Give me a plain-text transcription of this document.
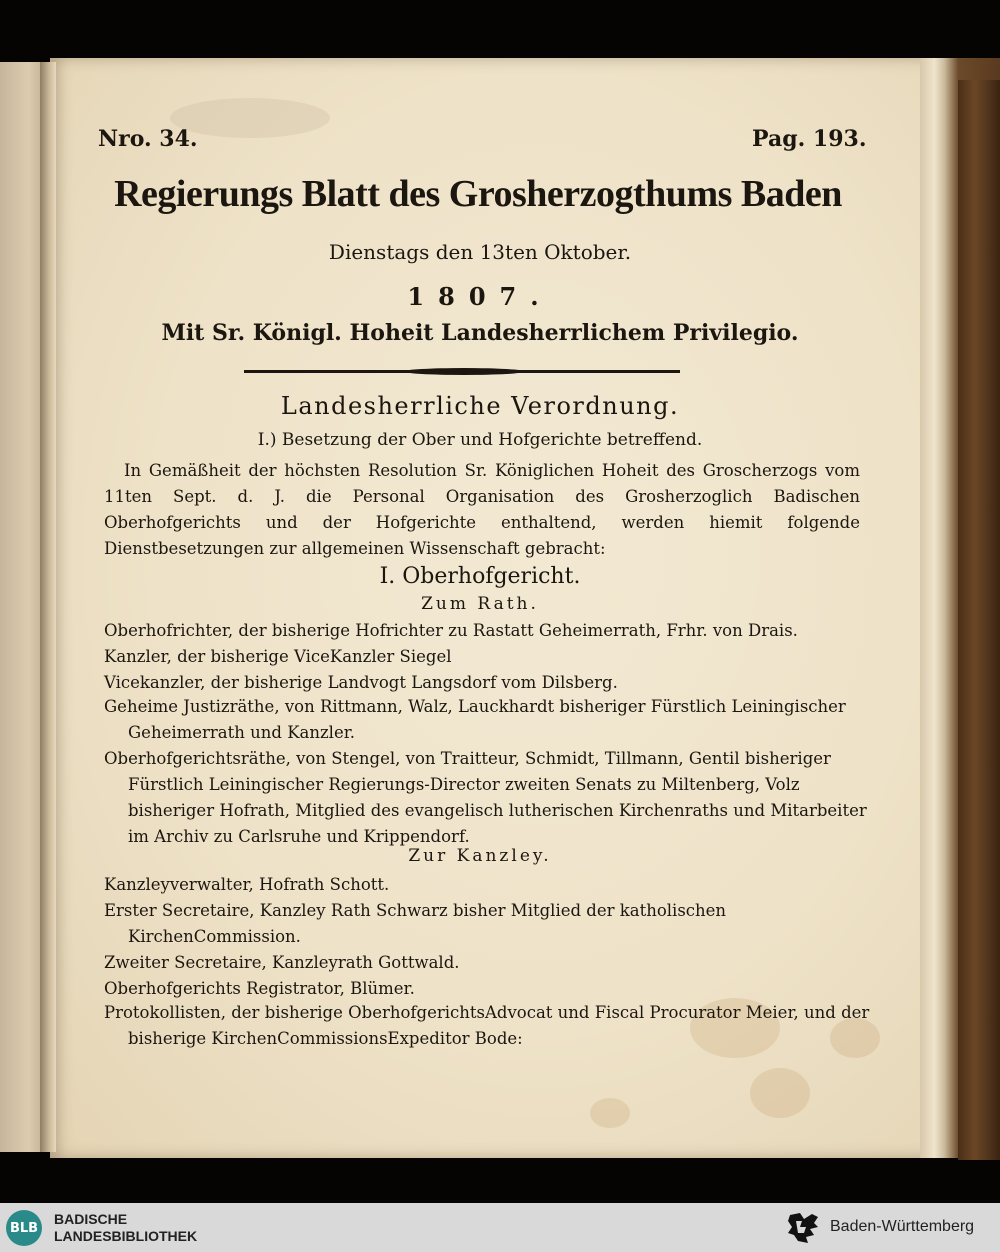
Nro. 34.	Pag. 193.
Regierungs Blatt des Grosherzogthums Baden
Dienstags den 13ten Oktober.
1807.
Mit Sr. Königl. Hoheit Landesherrlichem Privilegio.
Landesherrliche Verordnung.
I.) Besetzung der Ober und Hofgerichte betreffend.
In Gemäßheit der höchsten Resolution Sr. Königlichen Hoheit des Groscherzogs vom 11ten Sept. d. J. die Personal Organisation des Grosherzoglich Badischen Oberhofgerichts und der Hofgerichte enthaltend, werden hiemit folgende Dienstbesetzungen zur allgemeinen Wissenschaft gebracht:
I. Oberhofgericht.
Zum Rath.
Oberhofrichter, der bisherige Hofrichter zu Rastatt Geheimerrath, Frhr. von Drais.
Kanzler, der bisherige ViceKanzler Siegel
Vicekanzler, der bisherige Landvogt Langsdorf vom Dilsberg.
Geheime Justizräthe, von Rittmann, Walz, Lauckhardt bisheriger Fürstlich Leiningischer Geheimerrath und Kanzler.
Oberhofgerichtsräthe, von Stengel, von Traitteur, Schmidt, Tillmann, Gentil bisheriger Fürstlich Leiningischer Regierungs-Director zweiten Senats zu Miltenberg, Volz bisheriger Hofrath, Mitglied des evangelisch lutherischen Kirchenraths und Mitarbeiter im Archiv zu Carlsruhe und Krippendorf.
Zur Kanzley.
Kanzleyverwalter, Hofrath Schott.
Erster Secretaire, Kanzley Rath Schwarz bisher Mitglied der katholischen KirchenCommission.
Zweiter Secretaire, Kanzleyrath Gottwald.
Oberhofgerichts Registrator, Blümer.
Protokollisten, der bisherige OberhofgerichtsAdvocat und Fiscal Procurator Meier, und der bisherige KirchenCommissionsExpeditor Bode:
BLB
BADISCHE
LANDESBIBLIOTHEK
Baden-Württemberg
